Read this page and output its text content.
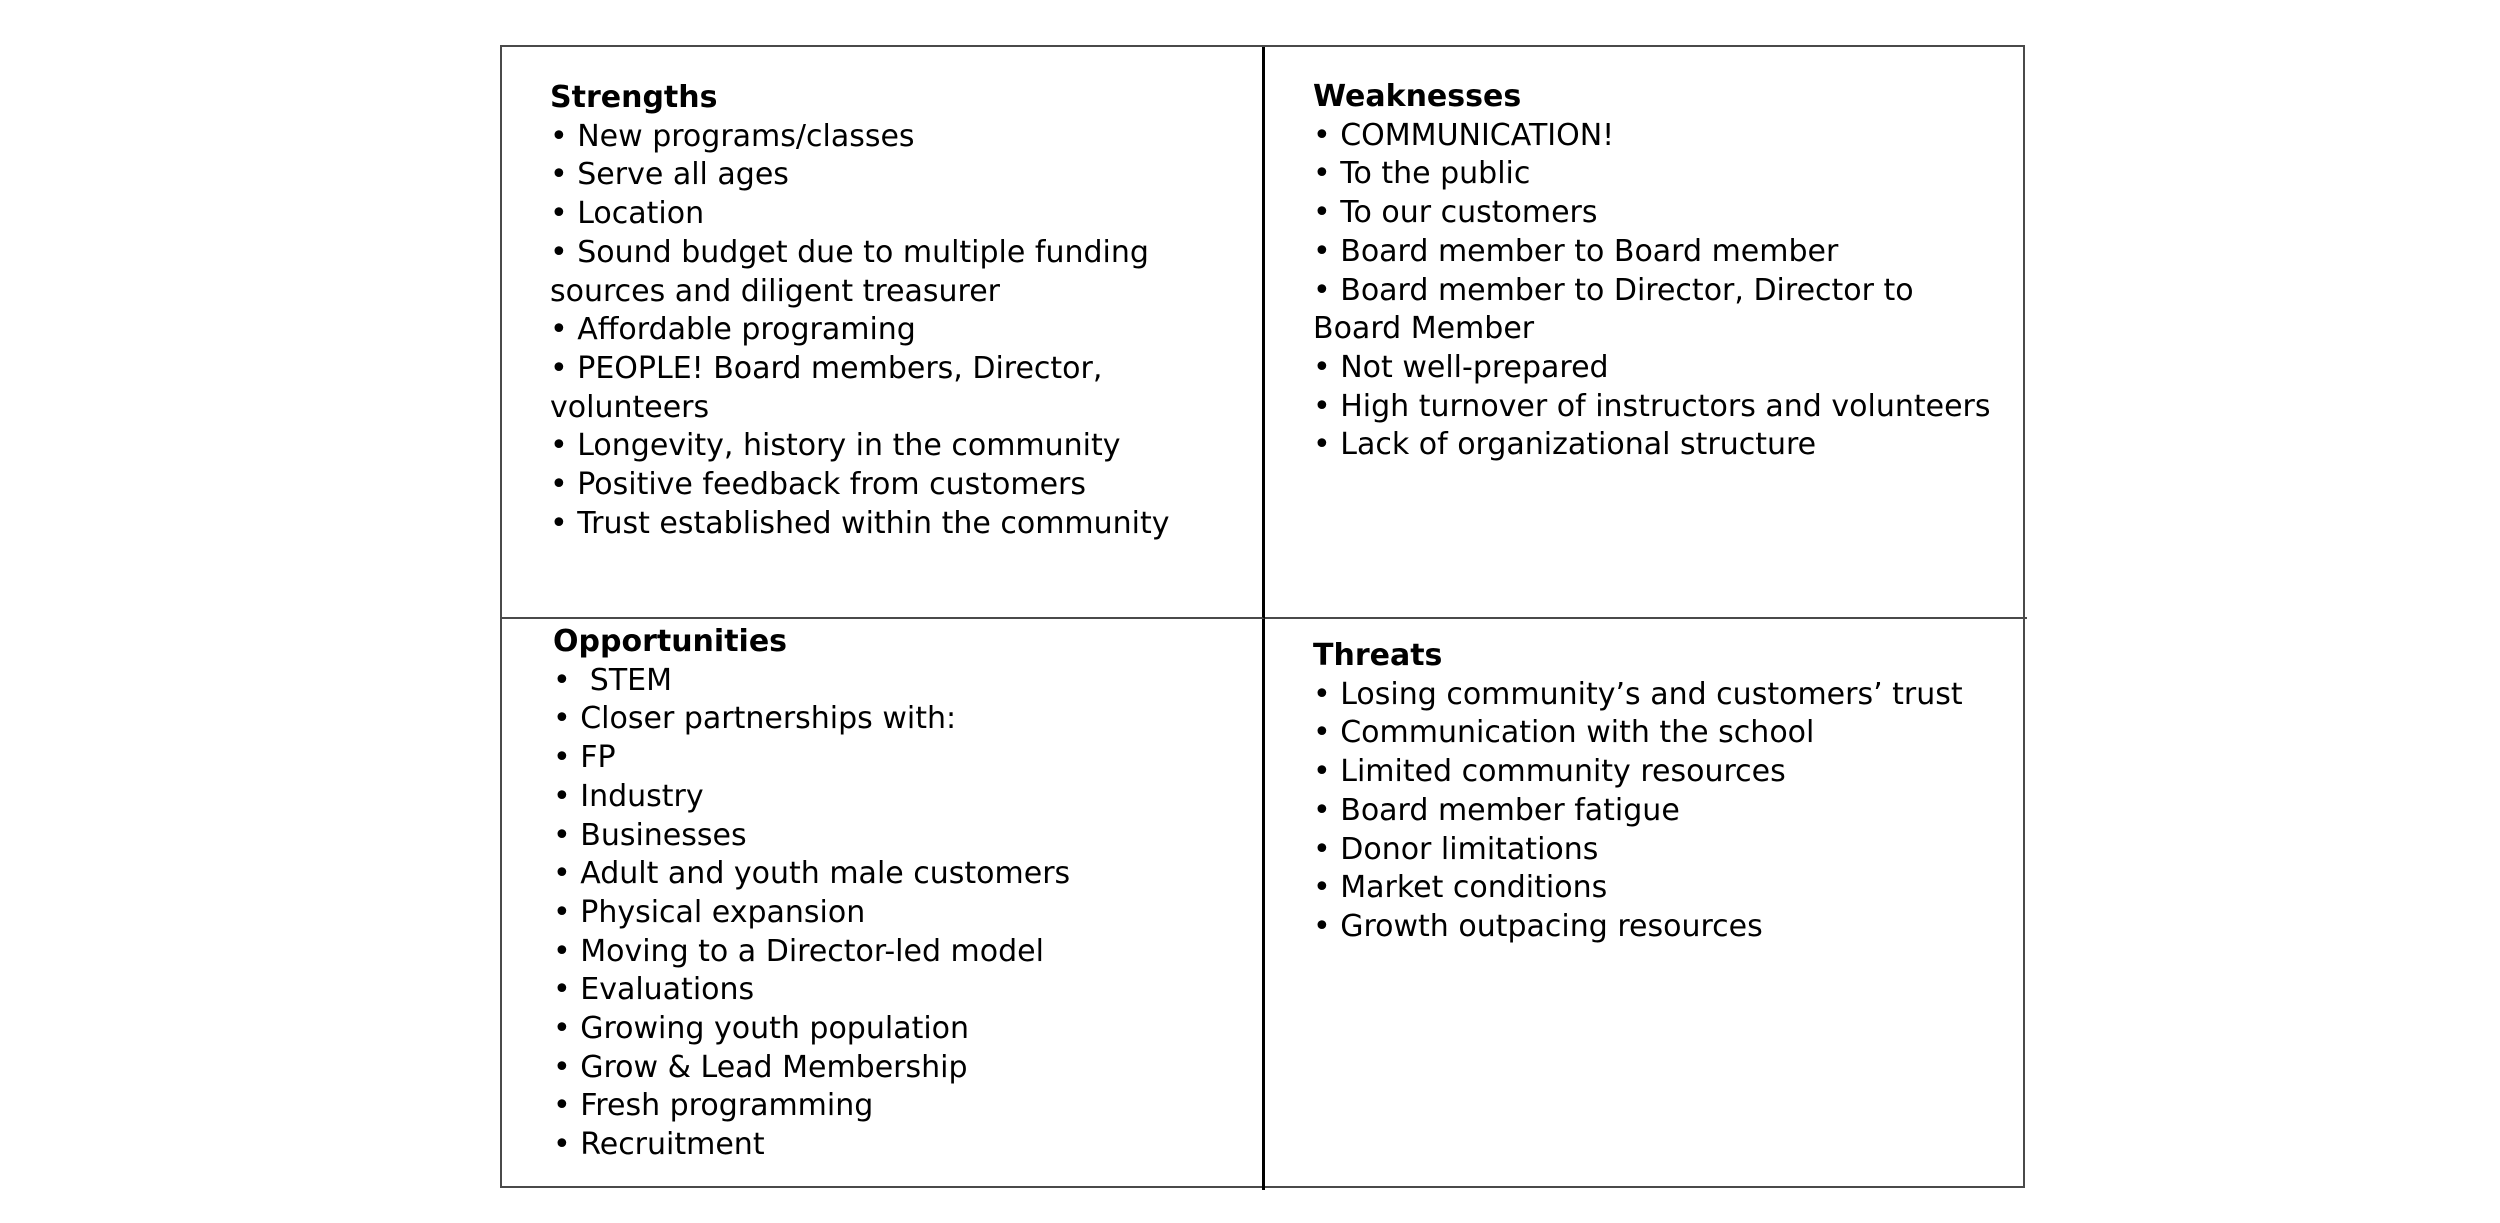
Strengths
• New programs/classes
• Serve all ages
• Location
• Sound budget due to multiple funding sources and diligent treasurer
• Affordable programing
• PEOPLE! Board members, Director, volunteers
• Longevity, history in the community
• Positive feedback from customers
• Trust established within the community
Weaknesses
• COMMUNICATION!
• To the public
• To our customers
• Board member to Board member
• Board member to Director, Director to Board Member
• Not well-prepared
• High turnover of instructors and volunteers
• Lack of organizational structure
Opportunities
• STEM
• Closer partnerships with:
• FP
• Industry
• Businesses
• Adult and youth male customers
• Physical expansion
• Moving to a Director-led model
• Evaluations
• Growing youth population
• Grow & Lead Membership
• Fresh programming
• Recruitment
Threats
• Losing community’s and customers’ trust
• Communication with the school
• Limited community resources
• Board member fatigue
• Donor limitations
• Market conditions
• Growth outpacing resources
